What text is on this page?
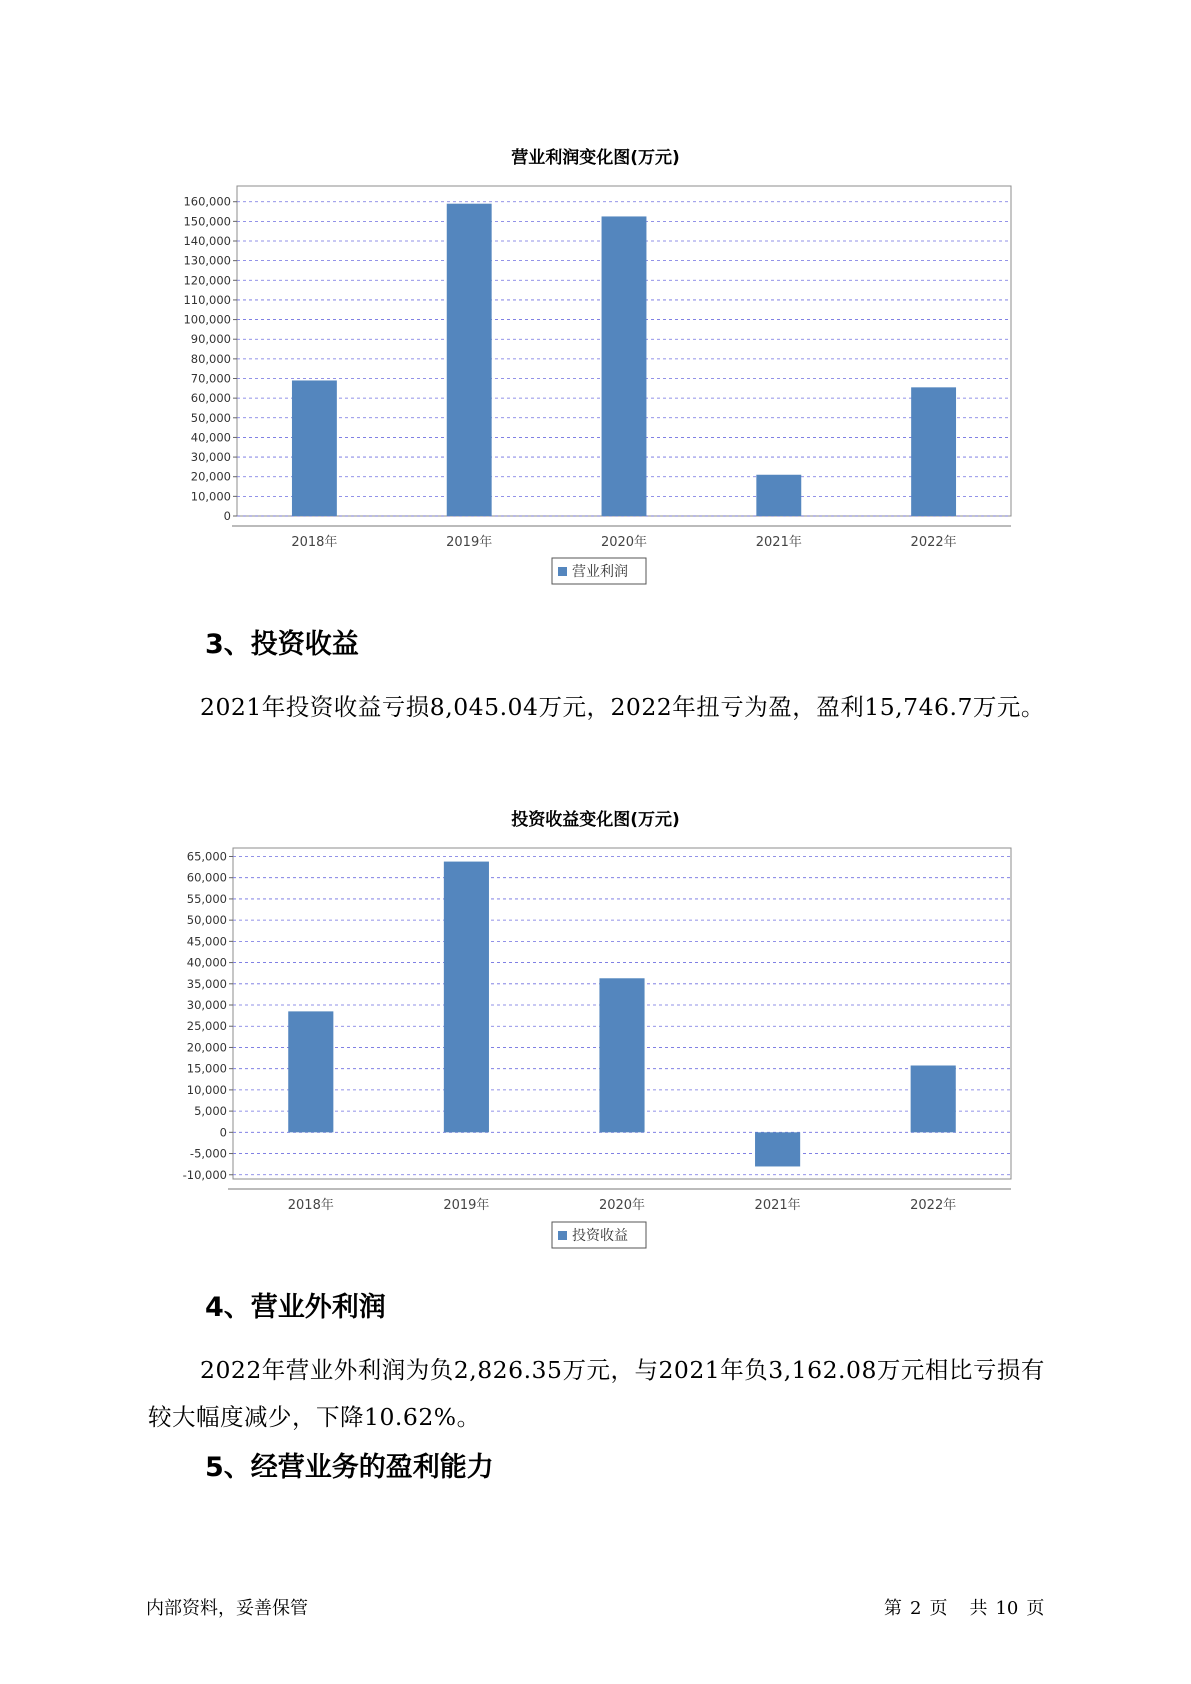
营业利润变化图(万元)
0
10,000
20,000
30,000
40,000
50,000
60,000
70,000
80,000
90,000
100,000
110,000
120,000
130,000
140,000
150,000
160,000
2018年	2019年	2020年	2021年	2022年
营业利润
3、投资收益
2021年投资收益亏损8,045.04万元，2022年扭亏为盈，盈利15,746.7万元。
投资收益变化图(万元)
-10,000
-5,000
0
5,000
10,000
15,000
20,000
25,000
30,000
35,000
40,000
45,000
50,000
55,000
60,000
65,000
2018年	2019年	2020年	2021年	2022年
投资收益
4、营业外利润
2022年营业外利润为负2,826.35万元，与2021年负3,162.08万元相比亏损有较大幅度减少，下降10.62%。
5、经营业务的盈利能力
内部资料，妥善保管	第 2 页 共 10 页
